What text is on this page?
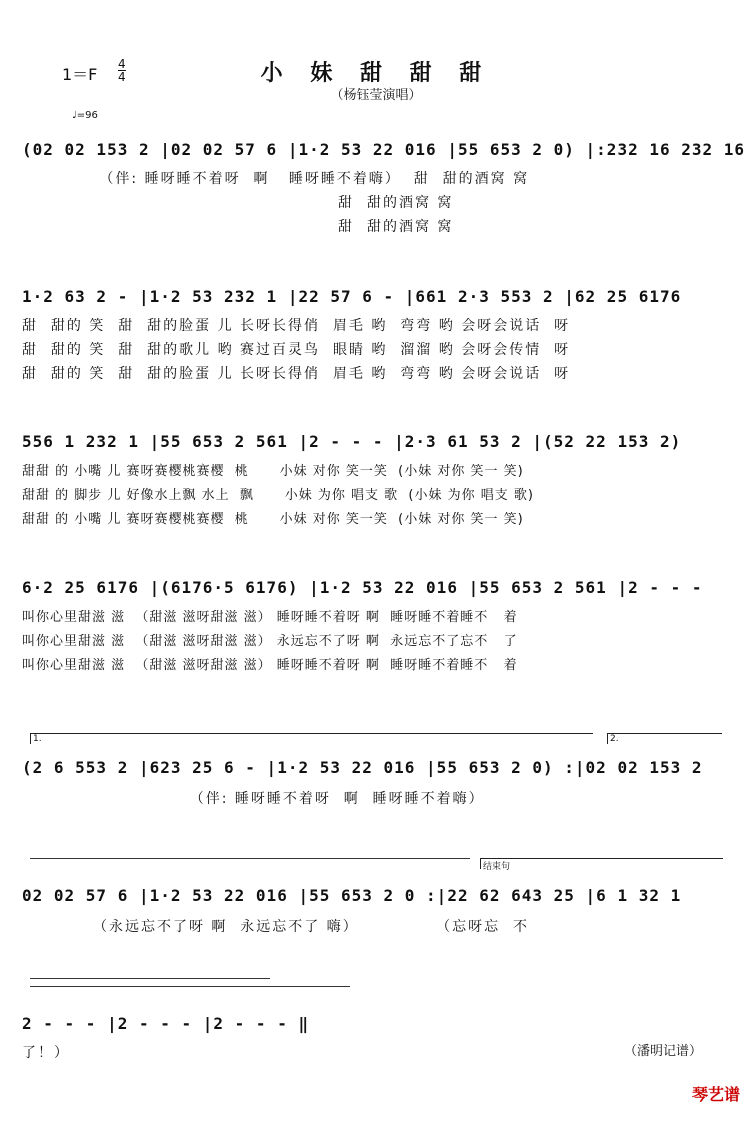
小 妹 甜 甜 甜
（杨钰莹演唱）
1＝F
4
4
♩=96
(02 02 153 2 |02 02 57 6 |1·2 53 22 016 |55 653 2 0) |:232 16 232 16
（伴: 睡呀睡不着呀  啊   睡呀睡不着嗨）  甜  甜的酒窝 窝
甜  甜的酒窝 窝
甜  甜的酒窝 窝
1·2 63 2 - |1·2 53 232 1 |22 57 6 - |661 2·3 553 2 |62 25 6176
甜  甜的 笑  甜  甜的脸蛋 儿 长呀长得俏  眉毛 哟  弯弯 哟 会呀会说话  呀
甜  甜的 笑  甜  甜的歌儿 哟 赛过百灵鸟  眼睛 哟  溜溜 哟 会呀会传情  呀
甜  甜的 笑  甜  甜的脸蛋 儿 长呀长得俏  眉毛 哟  弯弯 哟 会呀会说话  呀
556 1 232 1 |55 653 2 561 |2 - - - |2·3 61 53 2 |(52 22 153 2)
甜甜 的 小嘴 儿 赛呀赛樱桃赛樱  桃      小妹 对你 笑一笑  (小妹 对你 笑一 笑)
甜甜 的 脚步 儿 好像水上飘 水上  飘      小妹 为你 唱支 歌  (小妹 为你 唱支 歌)
甜甜 的 小嘴 儿 赛呀赛樱桃赛樱  桃      小妹 对你 笑一笑  (小妹 对你 笑一 笑)
6·2 25 6176 |(6176·5 6176) |1·2 53 22 016 |55 653 2 561 |2 - - -
叫你心里甜滋 滋  （甜滋 滋呀甜滋 滋） 睡呀睡不着呀 啊  睡呀睡不着睡不   着
叫你心里甜滋 滋  （甜滋 滋呀甜滋 滋） 永远忘不了呀 啊  永远忘不了忘不   了
叫你心里甜滋 滋  （甜滋 滋呀甜滋 滋） 睡呀睡不着呀 啊  睡呀睡不着睡不   着
1.	2.
(2 6 553 2 |623 25 6 - |1·2 53 22 016 |55 653 2 0) :|02 02 153 2
（伴: 睡呀睡不着呀  啊  睡呀睡不着嗨）
结束句
02 02 57 6 |1·2 53 22 016 |55 653 2 0 :|22 62 643 25 |6 1 32 1
（永远忘不了呀 啊  永远忘不了 嗨）            （忘呀忘  不
2 - - - |2 - - - |2 - - - ‖
了！）	（潘明记谱）
琴艺谱
